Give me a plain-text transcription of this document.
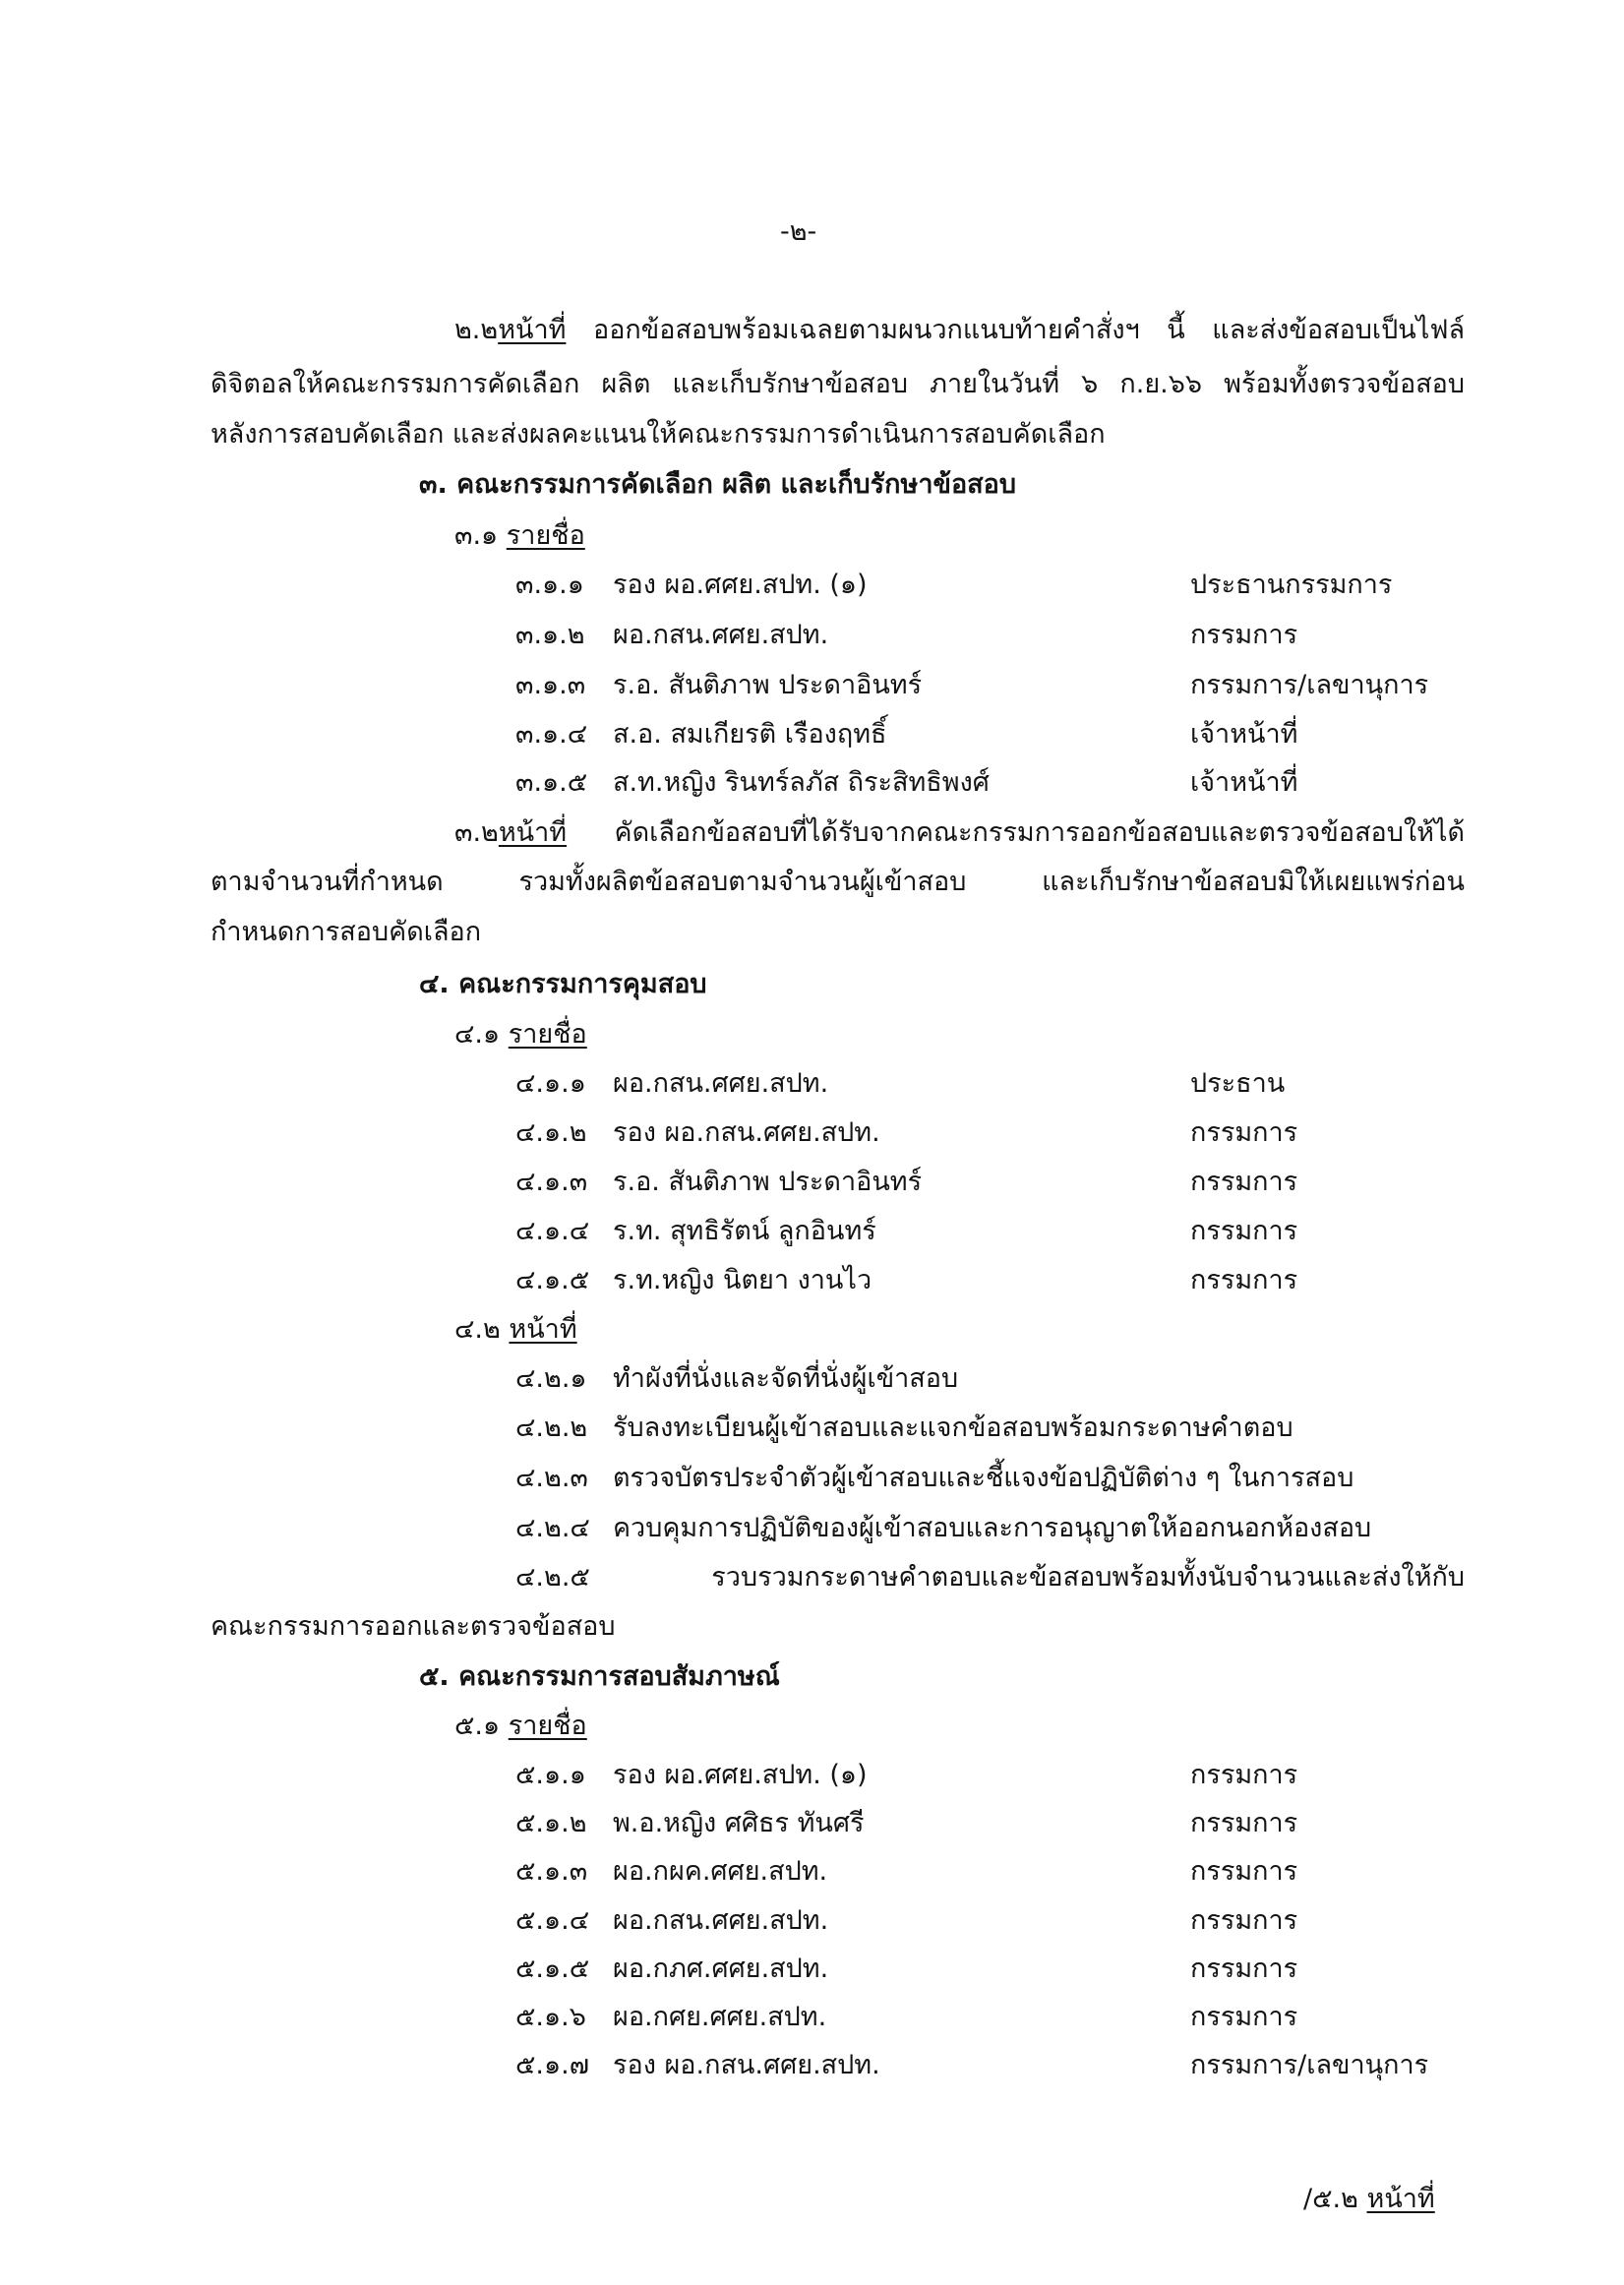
-๒-
๒.๒หน้าที่ ออกข้อสอบพร้อมเฉลยตามผนวกแนบท้ายคำสั่งฯ นี้ และส่งข้อสอบเป็นไฟล์
ดิจิตอลให้คณะกรรมการคัดเลือก ผลิต และเก็บรักษาข้อสอบ ภายในวันที่ ๖ ก.ย.๖๖ พร้อมทั้งตรวจข้อสอบ
หลังการสอบคัดเลือก และส่งผลคะแนนให้คณะกรรมการดำเนินการสอบคัดเลือก
๓. คณะกรรมการคัดเลือก ผลิต และเก็บรักษาข้อสอบ
๓.๑ รายชื่อ
๓.๑.๑ รอง ผอ.ศศย.สปท. (๑)	ประธานกรรมการ
๓.๑.๒ ผอ.กสน.ศศย.สปท.	กรรมการ
๓.๑.๓ ร.อ. สันติภาพ ประดาอินทร์	กรรมการ/เลขานุการ
๓.๑.๔ ส.อ. สมเกียรติ เรืองฤทธิ์	เจ้าหน้าที่
๓.๑.๕ ส.ท.หญิง รินทร์ลภัส ถิระสิทธิพงศ์	เจ้าหน้าที่
๓.๒หน้าที่ คัดเลือกข้อสอบที่ได้รับจากคณะกรรมการออกข้อสอบและตรวจข้อสอบให้ได้
ตามจำนวนที่กำหนด รวมทั้งผลิตข้อสอบตามจำนวนผู้เข้าสอบ และเก็บรักษาข้อสอบมิให้เผยแพร่ก่อน
กำหนดการสอบคัดเลือก
๔. คณะกรรมการคุมสอบ
๔.๑ รายชื่อ
๔.๑.๑ ผอ.กสน.ศศย.สปท.	ประธาน
๔.๑.๒ รอง ผอ.กสน.ศศย.สปท.	กรรมการ
๔.๑.๓ ร.อ. สันติภาพ ประดาอินทร์	กรรมการ
๔.๑.๔ ร.ท. สุทธิรัตน์ ลูกอินทร์	กรรมการ
๔.๑.๕ ร.ท.หญิง นิตยา งานไว	กรรมการ
๔.๒ หน้าที่
๔.๒.๑ ทำผังที่นั่งและจัดที่นั่งผู้เข้าสอบ
๔.๒.๒ รับลงทะเบียนผู้เข้าสอบและแจกข้อสอบพร้อมกระดาษคำตอบ
๔.๒.๓ ตรวจบัตรประจำตัวผู้เข้าสอบและชี้แจงข้อปฏิบัติต่าง ๆ ในการสอบ
๔.๒.๔ ควบคุมการปฏิบัติของผู้เข้าสอบและการอนุญาตให้ออกนอกห้องสอบ
๔.๒.๕	รวบรวมกระดาษคำตอบและข้อสอบพร้อมทั้งนับจำนวนและส่งให้กับ
คณะกรรมการออกและตรวจข้อสอบ
๕. คณะกรรมการสอบสัมภาษณ์
๕.๑ รายชื่อ
๕.๑.๑ รอง ผอ.ศศย.สปท. (๑)	กรรมการ
๕.๑.๒ พ.อ.หญิง ศศิธร ทันศรี	กรรมการ
๕.๑.๓ ผอ.กผค.ศศย.สปท.	กรรมการ
๕.๑.๔ ผอ.กสน.ศศย.สปท.	กรรมการ
๕.๑.๕ ผอ.กภศ.ศศย.สปท.	กรรมการ
๕.๑.๖ ผอ.กศย.ศศย.สปท.	กรรมการ
๕.๑.๗ รอง ผอ.กสน.ศศย.สปท.	กรรมการ/เลขานุการ
/๕.๒ หน้าที่
